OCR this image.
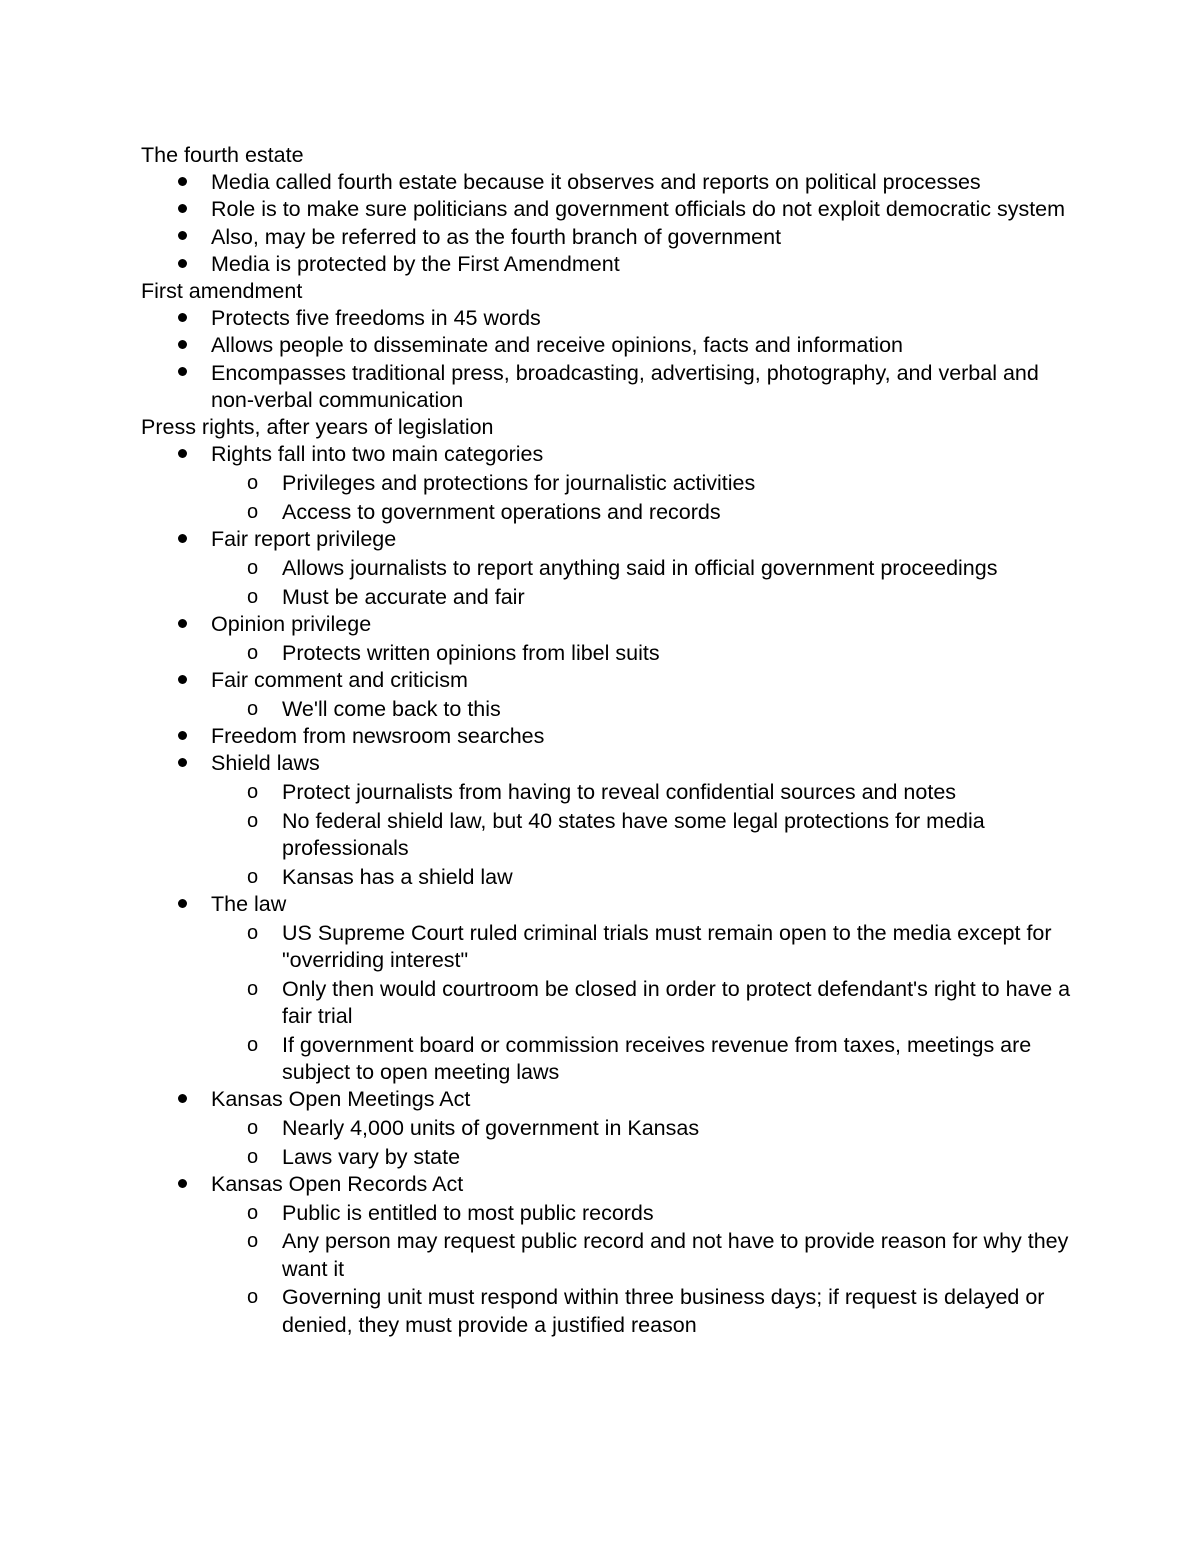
The fourth estate
Media called fourth estate because it observes and reports on political processes
Role is to make sure politicians and government officials do not exploit democratic system
Also, may be referred to as the fourth branch of government
Media is protected by the First Amendment
First amendment
Protects five freedoms in 45 words
Allows people to disseminate and receive opinions, facts and information
Encompasses traditional press, broadcasting, advertising, photography, and verbal and non-verbal communication
Press rights, after years of legislation
Rights fall into two main categories
o Privileges and protections for journalistic activities
o Access to government operations and records
Fair report privilege
o Allows journalists to report anything said in official government proceedings
o Must be accurate and fair
Opinion privilege
o Protects written opinions from libel suits
Fair comment and criticism
o We'll come back to this
Freedom from newsroom searches
Shield laws
o Protect journalists from having to reveal confidential sources and notes
o No federal shield law, but 40 states have some legal protections for media professionals
o Kansas has a shield law
The law
o US Supreme Court ruled criminal trials must remain open to the media except for "overriding interest"
o Only then would courtroom be closed in order to protect defendant's right to have a fair trial
o If government board or commission receives revenue from taxes, meetings are subject to open meeting laws
Kansas Open Meetings Act
o Nearly 4,000 units of government in Kansas
o Laws vary by state
Kansas Open Records Act
o Public is entitled to most public records
o Any person may request public record and not have to provide reason for why they want it
o Governing unit must respond within three business days; if request is delayed or denied, they must provide a justified reason
